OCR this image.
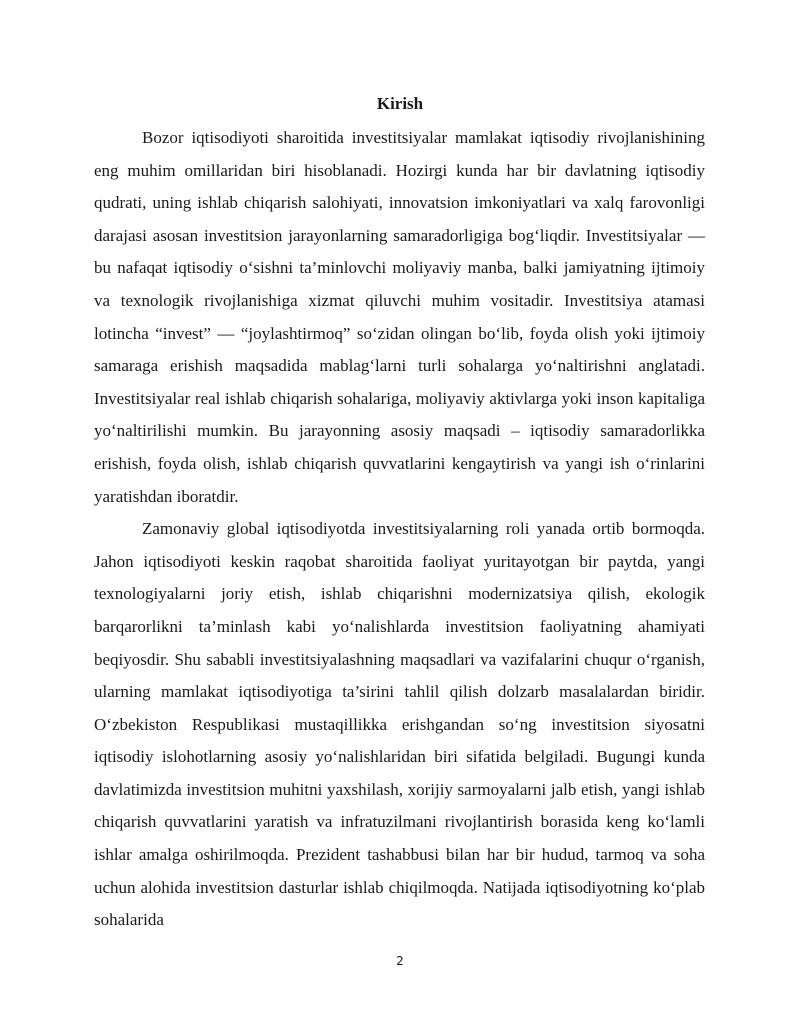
Kirish

Bozor iqtisodiyoti sharoitida investitsiyalar mamlakat iqtisodiy rivojlanishining eng muhim omillaridan biri hisoblanadi. Hozirgi kunda har bir davlatning iqtisodiy qudrati, uning ishlab chiqarish salohiyati, innovatsion imkoniyatlari va xalq farovonligi darajasi asosan investitsion jarayonlarning samaradorligiga bog‘liqdir. Investitsiyalar — bu nafaqat iqtisodiy o‘sishni ta’minlovchi moliyaviy manba, balki jamiyatning ijtimoiy va texnologik rivojlanishiga xizmat qiluvchi muhim vositadir. Investitsiya atamasi lotincha “invest” — “joylashtirmoq” so‘zidan olingan bo‘lib, foyda olish yoki ijtimoiy samaraga erishish maqsadida mablag‘larni turli sohalarga yo‘naltirishni anglatadi. Investitsiyalar real ishlab chiqarish sohalariga, moliyaviy aktivlarga yoki inson kapitaliga yo‘naltirilishi mumkin. Bu jarayonning asosiy maqsadi – iqtisodiy samaradorlikka erishish, foyda olish, ishlab chiqarish quvvatlarini kengaytirish va yangi ish o‘rinlarini yaratishdan iboratdir.

Zamonaviy global iqtisodiyotda investitsiyalarning roli yanada ortib bormoqda. Jahon iqtisodiyoti keskin raqobat sharoitida faoliyat yuritayotgan bir paytda, yangi texnologiyalarni joriy etish, ishlab chiqarishni modernizatsiya qilish, ekologik barqarorlikni ta’minlash kabi yo‘nalishlarda investitsion faoliyatning ahamiyati beqiyosdir. Shu sababli investitsiyalashning maqsadlari va vazifalarini chuqur o‘rganish, ularning mamlakat iqtisodiyotiga ta’sirini tahlil qilish dolzarb masalalardan biridir. O‘zbekiston Respublikasi mustaqillikka erishgandan so‘ng investitsion siyosatni iqtisodiy islohotlarning asosiy yo‘nalishlaridan biri sifatida belgiladi. Bugungi kunda davlatimizda investitsion muhitni yaxshilash, xorijiy sarmoyalarni jalb etish, yangi ishlab chiqarish quvvatlarini yaratish va infratuzilmani rivojlantirish borasida keng ko‘lamli ishlar amalga oshirilmoqda. Prezident tashabbusi bilan har bir hudud, tarmoq va soha uchun alohida investitsion dasturlar ishlab chiqilmoqda. Natijada iqtisodiyotning ko‘plab sohalarida

2
